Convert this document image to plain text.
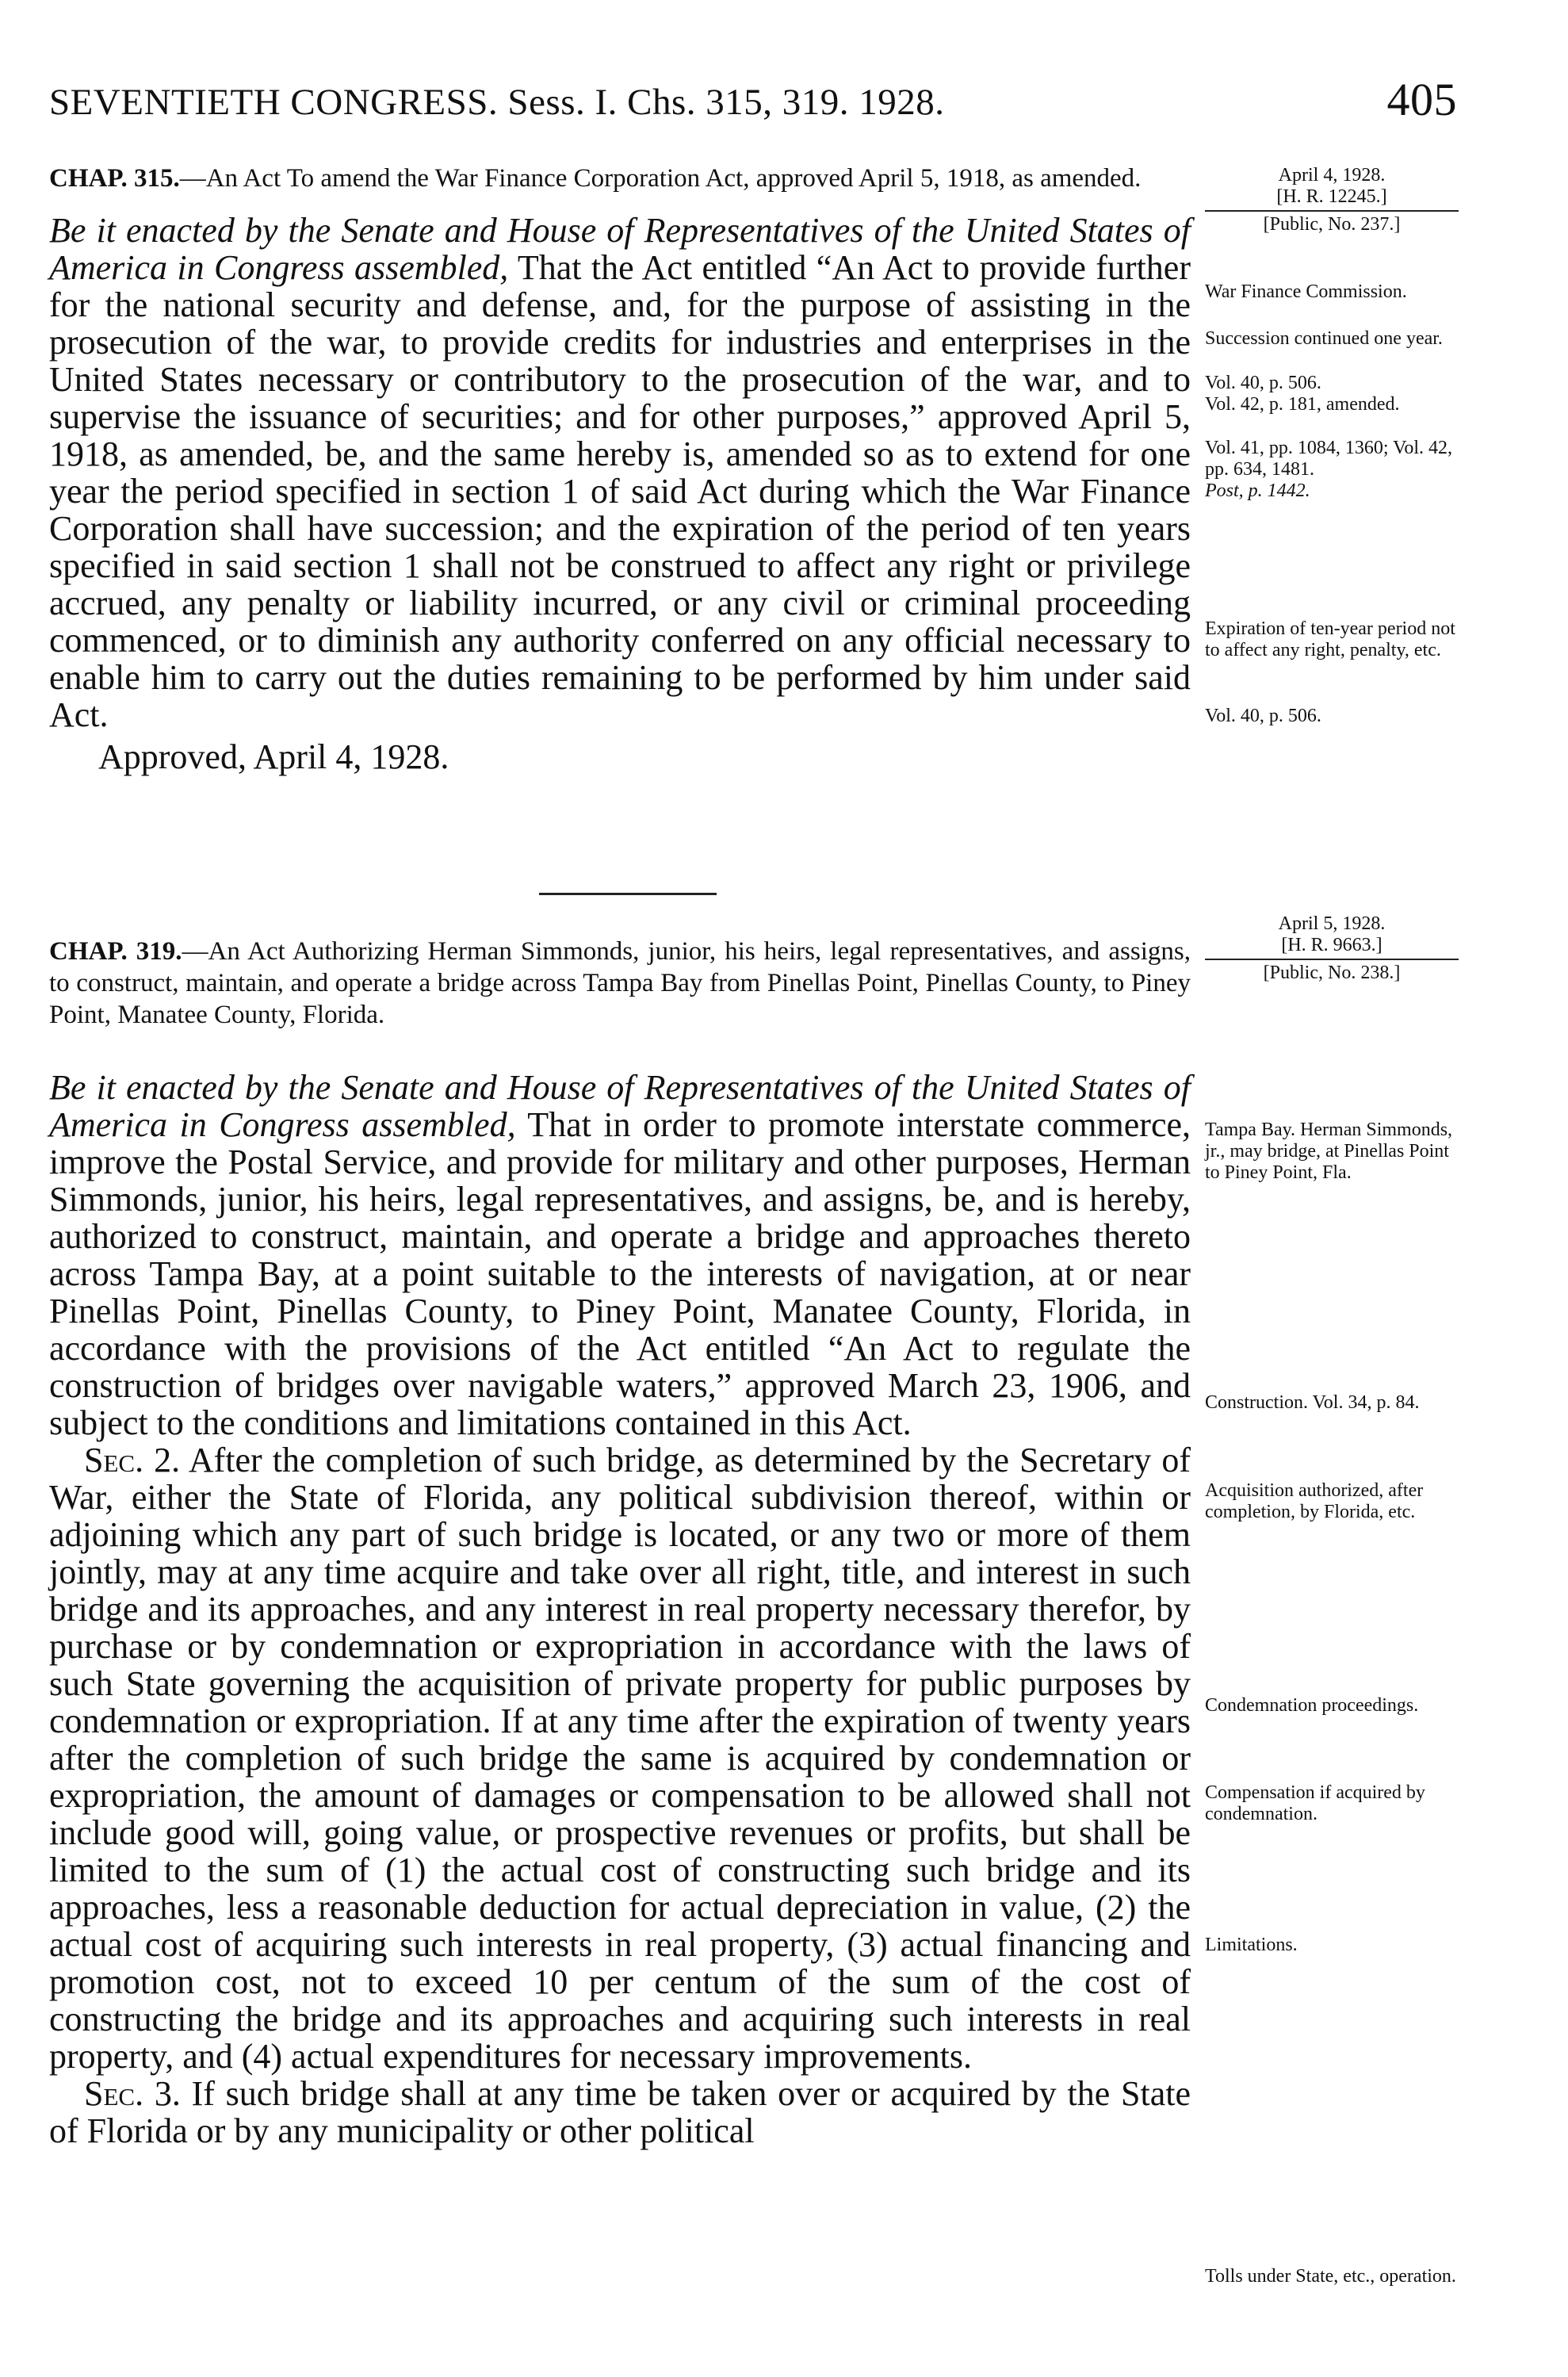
SEVENTIETH CONGRESS. Sess. I. Chs. 315, 319. 1928.	405
CHAP. 315.—An Act To amend the War Finance Corporation Act, approved April 5, 1918, as amended.

Be it enacted by the Senate and House of Representatives of the United States of America in Congress assembled, That the Act entitled “An Act to provide further for the national security and defense, and, for the purpose of assisting in the prosecution of the war, to provide credits for industries and enterprises in the United States necessary or contributory to the prosecution of the war, and to supervise the issuance of securities; and for other purposes,” approved April 5, 1918, as amended, be, and the same hereby is, amended so as to extend for one year the period specified in section 1 of said Act during which the War Finance Corporation shall have succession; and the expiration of the period of ten years specified in said section 1 shall not be construed to affect any right or privilege accrued, any penalty or liability incurred, or any civil or criminal proceeding commenced, or to diminish any authority conferred on any official necessary to enable him to carry out the duties remaining to be performed by him under said Act.

Approved, April 4, 1928.

April 4, 1928.
[H. R. 12245.]
[Public, No. 237.]
War Finance Commission.
Succession continued one year.
Vol. 40, p. 506.
Vol. 42, p. 181, amended.
Vol. 41, pp. 1084, 1360; Vol. 42, pp. 634, 1481.
Post, p. 1442.
Expiration of ten-year period not to affect any right, penalty, etc.
Vol. 40, p. 506.
CHAP. 319.—An Act Authorizing Herman Simmonds, junior, his heirs, legal representatives, and assigns, to construct, maintain, and operate a bridge across Tampa Bay from Pinellas Point, Pinellas County, to Piney Point, Manatee County, Florida.

Be it enacted by the Senate and House of Representatives of the United States of America in Congress assembled, That in order to promote interstate commerce, improve the Postal Service, and provide for military and other purposes, Herman Simmonds, junior, his heirs, legal representatives, and assigns, be, and is hereby, authorized to construct, maintain, and operate a bridge and approaches thereto across Tampa Bay, at a point suitable to the interests of navigation, at or near Pinellas Point, Pinellas County, to Piney Point, Manatee County, Florida, in accordance with the provisions of the Act entitled “An Act to regulate the construction of bridges over navigable waters,” approved March 23, 1906, and subject to the conditions and limitations contained in this Act.

Sec. 2. After the completion of such bridge, as determined by the Secretary of War, either the State of Florida, any political subdivision thereof, within or adjoining which any part of such bridge is located, or any two or more of them jointly, may at any time acquire and take over all right, title, and interest in such bridge and its approaches, and any interest in real property necessary therefor, by purchase or by condemnation or expropriation in accordance with the laws of such State governing the acquisition of private property for public purposes by condemnation or expropriation. If at any time after the expiration of twenty years after the completion of such bridge the same is acquired by condemnation or expropriation, the amount of damages or compensation to be allowed shall not include good will, going value, or prospective revenues or profits, but shall be limited to the sum of (1) the actual cost of constructing such bridge and its approaches, less a reasonable deduction for actual depreciation in value, (2) the actual cost of acquiring such interests in real property, (3) actual financing and promotion cost, not to exceed 10 per centum of the sum of the cost of constructing the bridge and its approaches and acquiring such interests in real property, and (4) actual expenditures for necessary improvements.

Sec. 3. If such bridge shall at any time be taken over or acquired by the State of Florida or by any municipality or other political

April 5, 1928.
[H. R. 9663.]
[Public, No. 238.]
Tampa Bay. Herman Simmonds, jr., may bridge, at Pinellas Point to Piney Point, Fla.
Construction. Vol. 34, p. 84.
Acquisition authorized, after completion, by Florida, etc.
Condemnation proceedings.
Compensation if acquired by condemnation.
Limitations.
Tolls under State, etc., operation.
